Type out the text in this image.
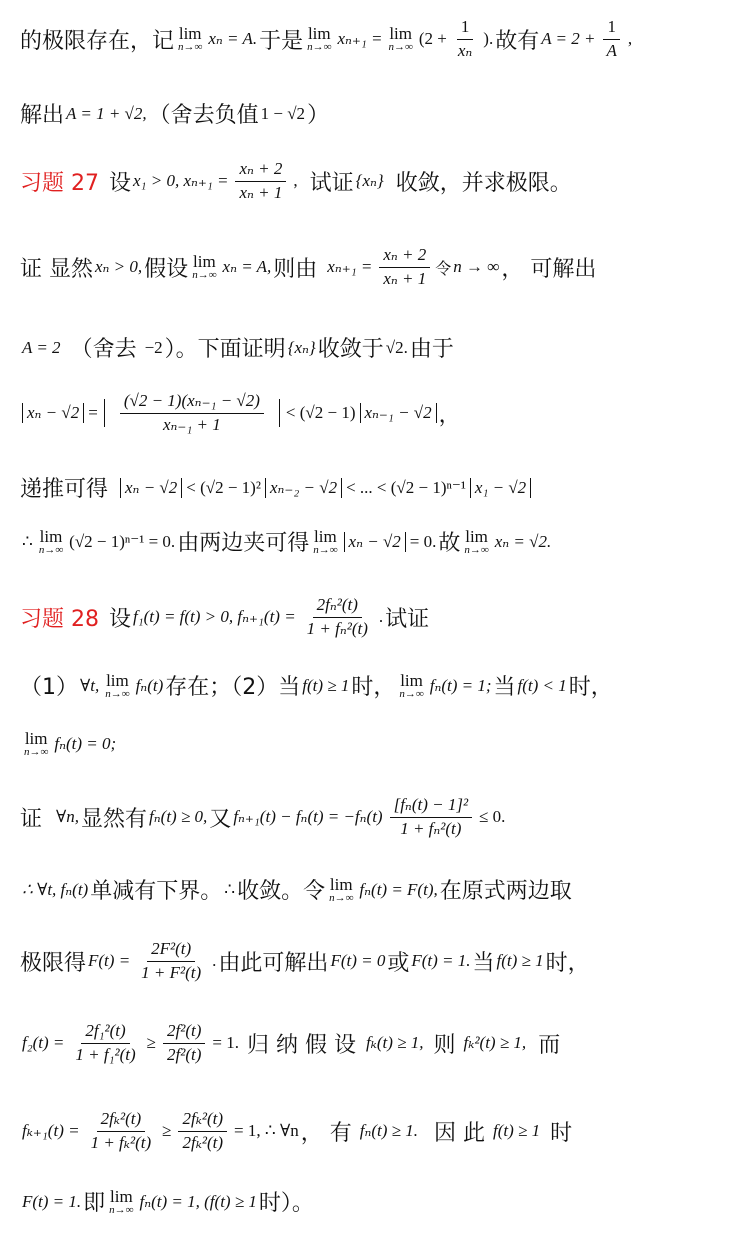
的极限存在，记 lim
n→∞ xₙ = A. 于是 lim
n→∞ xₙ₊₁ = lim
n→∞ ($2 + \frac{1}{\text{xₙ}}$ ). 故有 $A = 2 + \frac{1}{A}$ ,
解出 A = 1 + √2, （舍去负值 1 − √2 ）
习题 27 设 x₁ > 0, $x_{n+1} = \frac{\text{xₙ + 2}}{\text{xₙ + 1}}$ , 试证 {xₙ} 收敛，并求极限。
证 显然 xₙ > 0, 假设 lim
n→∞ xₙ = A, 则由 $x_{n+1} = \frac{\text{xₙ + 2}}{\text{xₙ + 1}}$ 令 n → ∞ ， 可解出
A = 2 （舍去 −2 ）。下面证明 {xₙ} 收敛于 √2. 由于
$x_n - √2 = \frac{\text{(√2 − 1)(xₙ₋₁ − √2)}}{\text{xₙ₋₁ + 1}} < (√2 - 1) x_{n-1} - √2$ ，
递推可得 xₙ − √2 < (√2 − 1)² xₙ₋₂ − √2 < ... < (√2 − 1)ⁿ⁻¹ x₁ − √2
∴ lim
n→∞ (√2 − 1)ⁿ⁻¹ = 0. 由两边夹可得 lim
n→∞ xₙ − √2 = 0. 故 lim
n→∞ xₙ = √2.
习题 28 设 f₁(t) = f(t) > 0, $f_{n+1}(t) = \frac{\text{2fₙ²(t)}}{\text{1 + fₙ²(t)}}$ . 试证
（1） ∀t, lim
n→∞ fₙ(t) 存在；（2）当 f(t) ≥ 1 时， lim
n→∞ fₙ(t) = 1; 当 f(t) < 1 时，
lim
n→∞ fₙ(t) = 0;
证 ∀n, 显然有 fₙ(t) ≥ 0, 又 $f_{n+1}(t) - f_n(t) = -f_n(t) \frac{\text{[fₙ(t) − 1]²}}{\text{1 + fₙ²(t)}} \le 0$.
∴ ∀t, fₙ(t) 单减有下界。 ∴ 收敛。令 lim
n→∞ fₙ(t) = F(t), 在原式两边取
极限得 $F(t) = \frac{\text{2F²(t)}}{\text{1 + F²(t)}}$ . 由此可解出 F(t) = 0 或 F(t) = 1. 当 f(t) ≥ 1 时，
$f_2(t) = \frac{\text{2f₁²(t)}}{\text{1 + f₁²(t)}} \ge \frac{\text{2f²(t)}}{\text{2f²(t)}} = 1$. 归 纳 假 设 fₖ(t) ≥ 1, 则 fₖ²(t) ≥ 1, 而
$f_{k+1}(t) = \frac{\text{2fₖ²(t)}}{\text{1 + fₖ²(t)}} \ge \frac{\text{2fₖ²(t)}}{\text{2fₖ²(t)}} = 1$, ∴ ∀n ， 有 fₙ(t) ≥ 1. 因 此 f(t) ≥ 1 时
F(t) = 1. 即 lim
n→∞ fₙ(t) = 1, (f(t) ≥ 1 时）。
